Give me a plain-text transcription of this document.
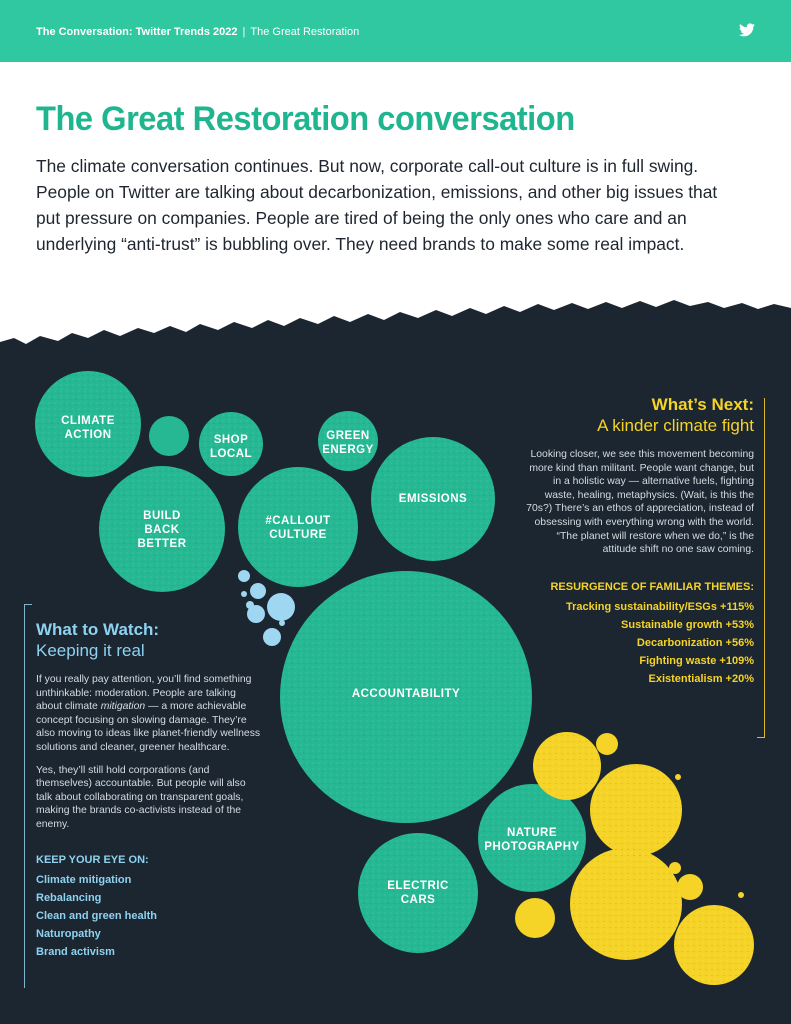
The Conversation: Twitter Trends 2022 | The Great Restoration
The Great Restoration conversation

The climate conversation continues. But now, corporate call-out culture is in full swing. People on Twitter are talking about decarbonization, emissions, and other big issues that put pressure on companies. People are tired of being the only ones who care and an underlying “anti-trust” is bubbling over. They need brands to make some real impact.

CLIMATE ACTION	SHOP LOCAL
GREEN ENERGY
EMISSIONS
BUILD BACK BETTER
#CALLOUT CULTURE
ACCOUNTABILITY
NATURE PHOTOGRAPHY
ELECTRIC CARS
What’s Next:
A kinder climate fight

Looking closer, we see this movement becoming more kind than militant. People want change, but in a holistic way — alternative fuels, fighting waste, healing, metaphysics. (Wait, is this the 70s?) There’s an ethos of appreciation, instead of obsessing with everything wrong with the world. “The planet will restore when we do,” is the attitude shift no one saw coming.

RESURGENCE OF FAMILIAR THEMES:
Tracking sustainability/ESGs +115%
Sustainable growth +53%
Decarbonization +56%
Fighting waste +109%
Existentialism +20%
What to Watch:
Keeping it real

If you really pay attention, you’ll find something unthinkable: moderation. People are talking about climate mitigation — a more achievable concept focusing on slowing damage. They’re also moving to ideas like planet-friendly wellness solutions and cleaner, greener healthcare.

Yes, they’ll still hold corporations (and themselves) accountable. But people will also talk about collaborating on transparent goals, making the brands co-activists instead of the enemy.

KEEP YOUR EYE ON:
Climate mitigation
Rebalancing
Clean and green health
Naturopathy
Brand activism
